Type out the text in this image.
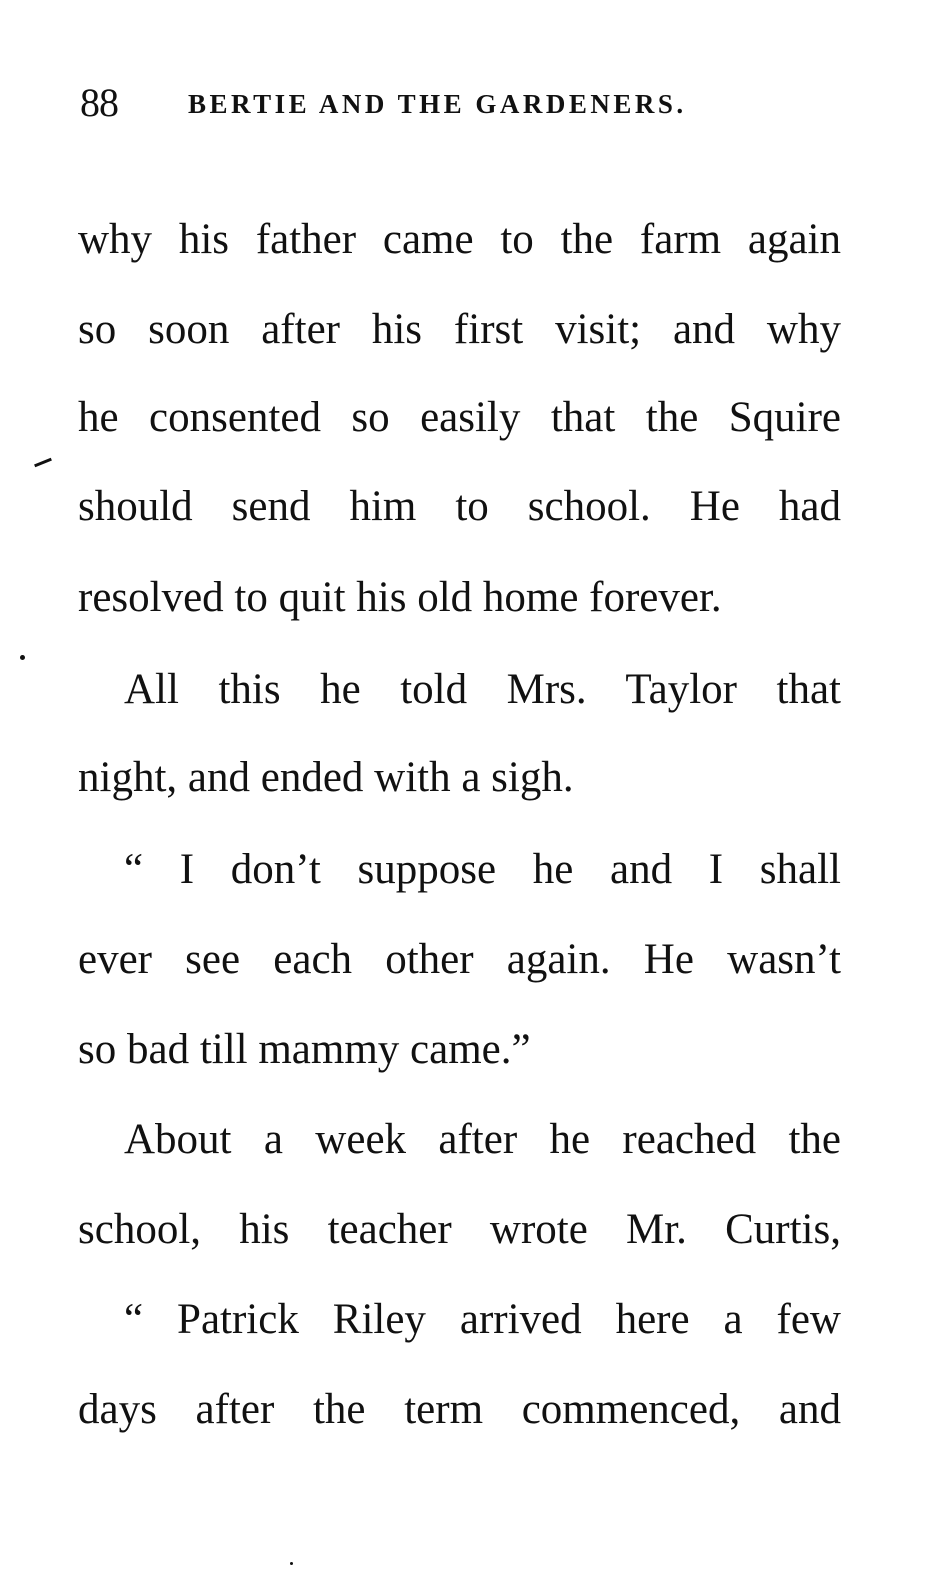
88	BERTIE AND THE GARDENERS.
why his father came to the farm again
so soon after his first visit; and why
he consented so easily that the Squire
should send him to school. He had
resolved to quit his old home forever.
All this he told Mrs. Taylor that
night, and ended with a sigh.
“ I don’t suppose he and I shall
ever see each other again. He wasn’t
so bad till mammy came.”
About a week after he reached the
school, his teacher wrote Mr. Curtis,
“ Patrick Riley arrived here a few
days after the term commenced, and
